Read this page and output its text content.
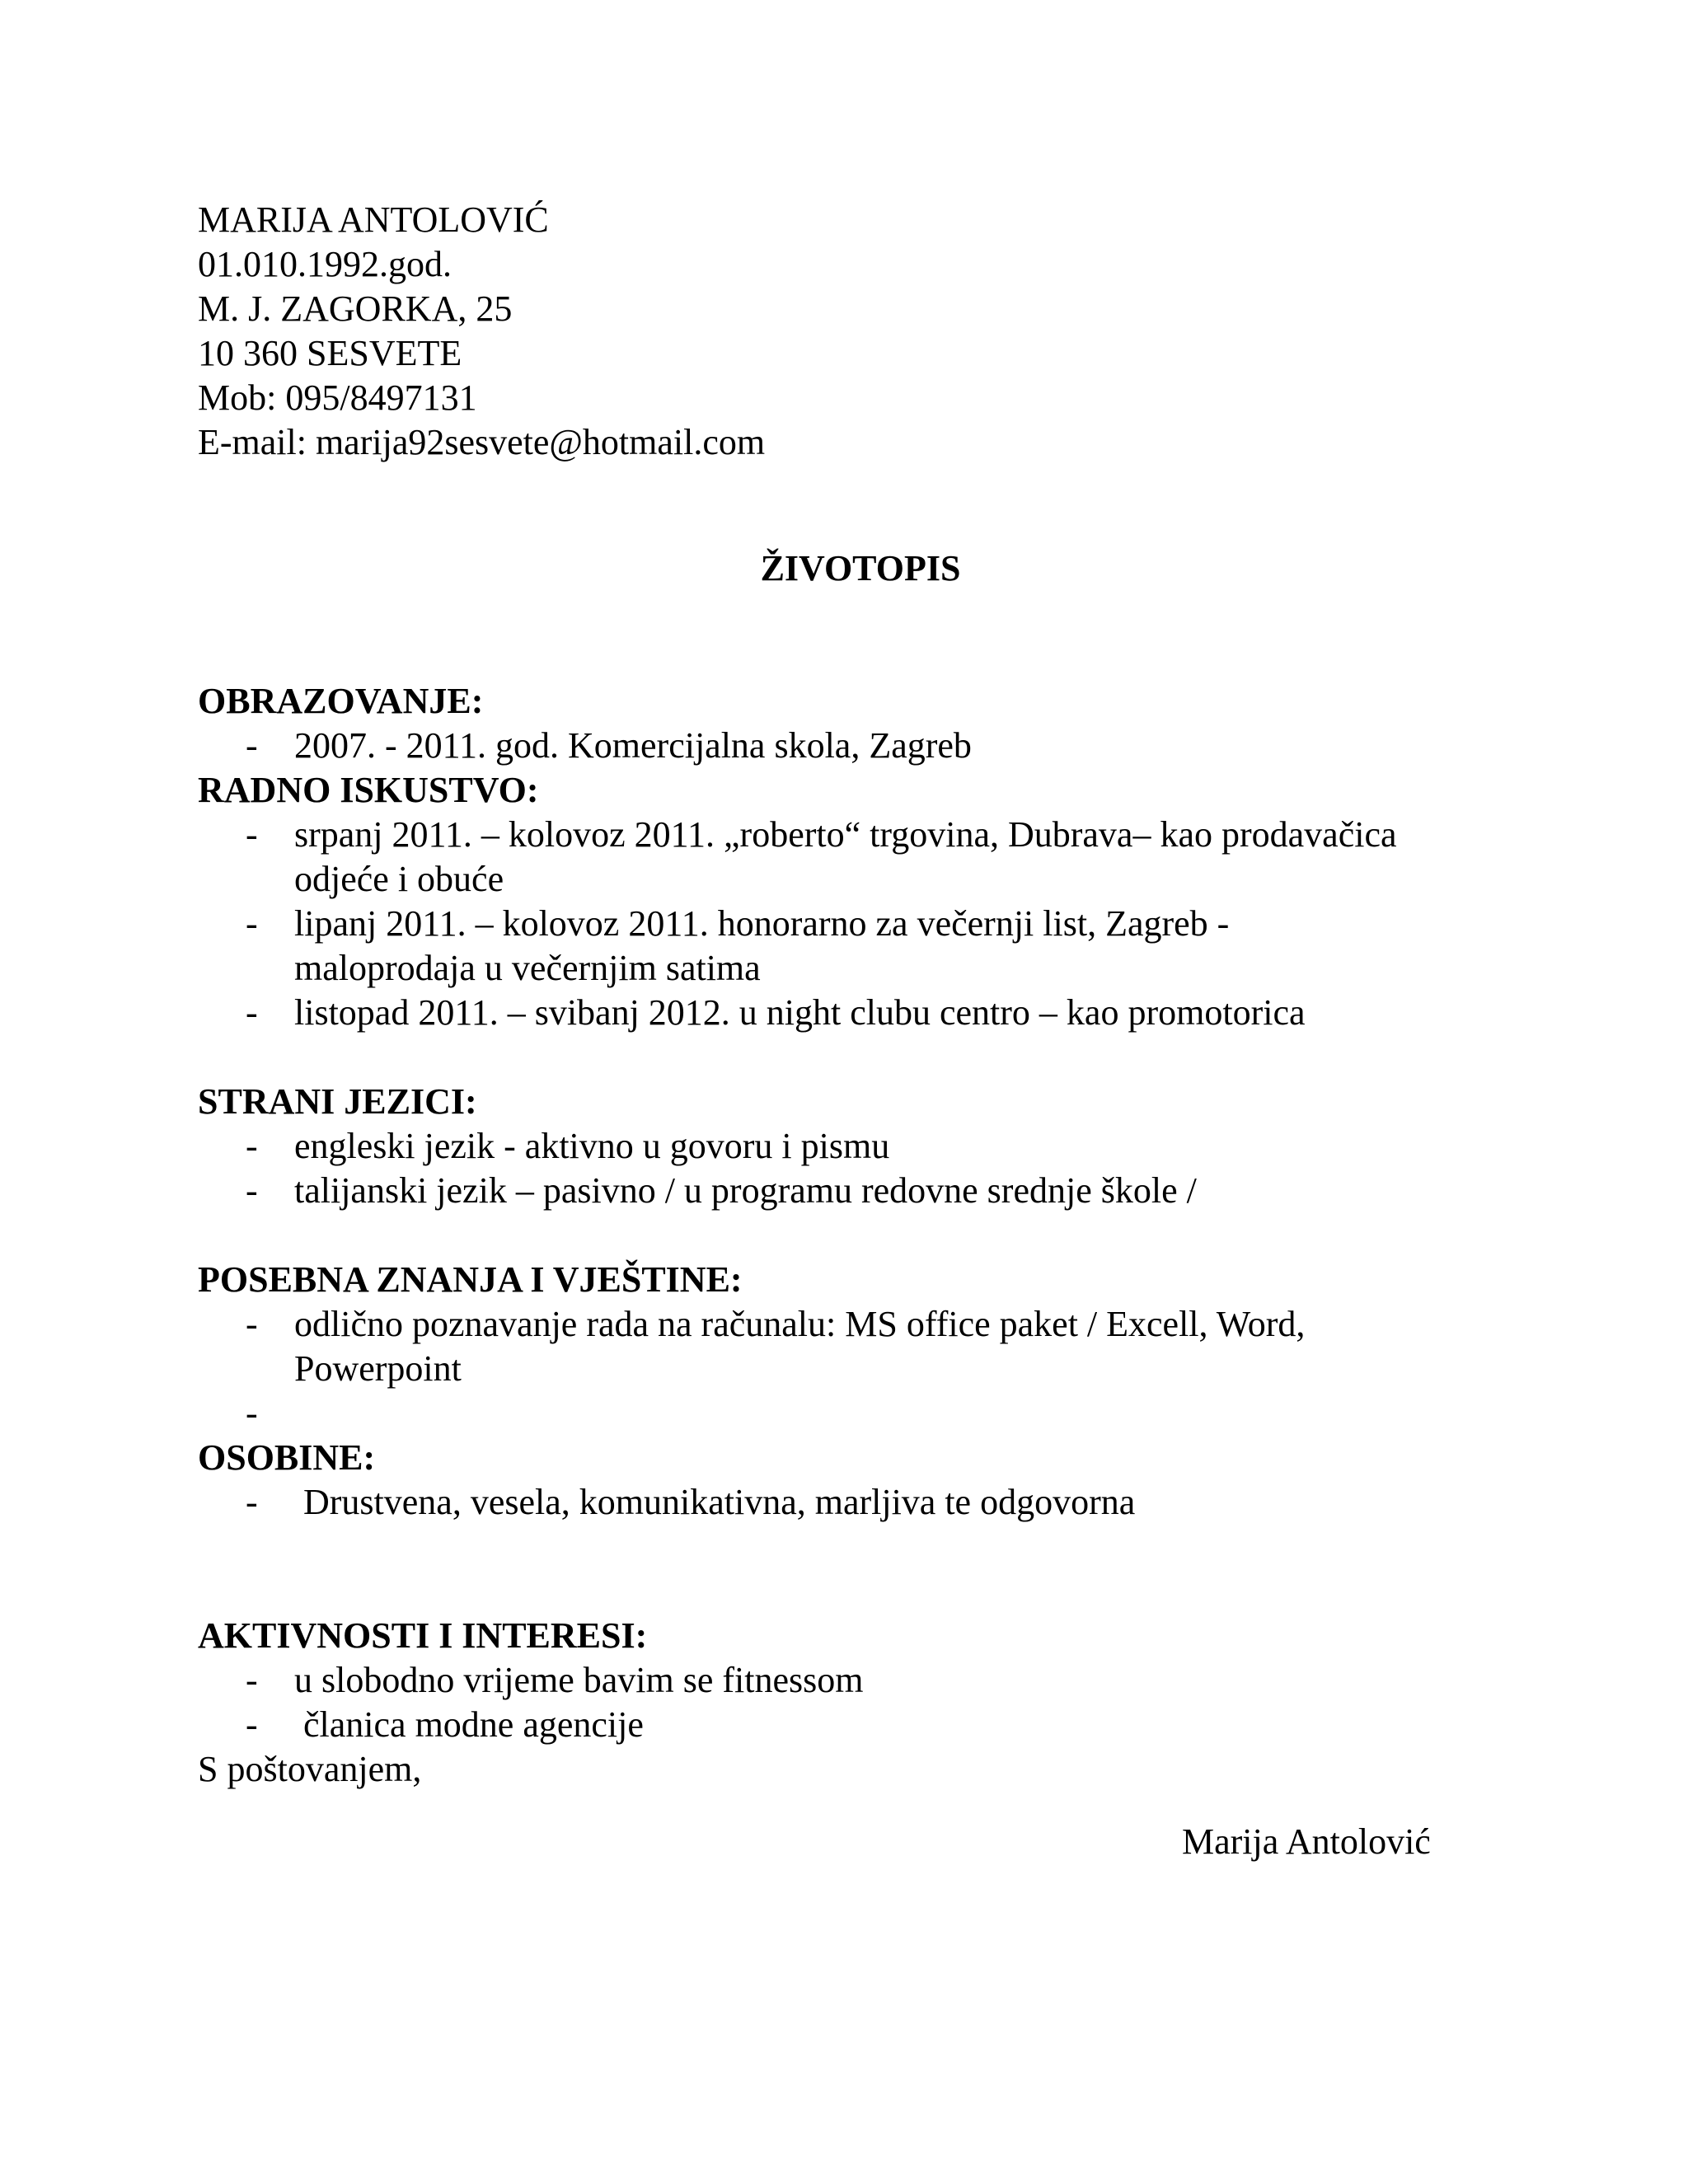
MARIJA ANTOLOVIĆ
01.010.1992.god.
M. J. ZAGORKA, 25
10 360 SESVETE
Mob: 095/8497131
E-mail: marija92sesvete@hotmail.com
ŽIVOTOPIS
OBRAZOVANJE:
- 2007. - 2011. god. Komercijalna skola, Zagreb
RADNO ISKUSTVO:
- srpanj 2011. – kolovoz 2011. „roberto“ trgovina, Dubrava– kao prodavačica
odjeće i obuće
- lipanj 2011. – kolovoz 2011. honorarno za večernji list, Zagreb -
maloprodaja u večernjim satima
- listopad 2011. – svibanj 2012. u night clubu centro – kao promotorica
STRANI JEZICI:
- engleski jezik - aktivno u govoru i pismu
- talijanski jezik – pasivno / u programu redovne srednje škole /
POSEBNA ZNANJA I VJEŠTINE:
- odlično poznavanje rada na računalu: MS office paket / Excell, Word,
Powerpoint
-
OSOBINE:
- Drustvena, vesela, komunikativna, marljiva te odgovorna
AKTIVNOSTI I INTERESI:
- u slobodno vrijeme bavim se fitnessom
- članica modne agencije
S poštovanjem,
Marija Antolović
